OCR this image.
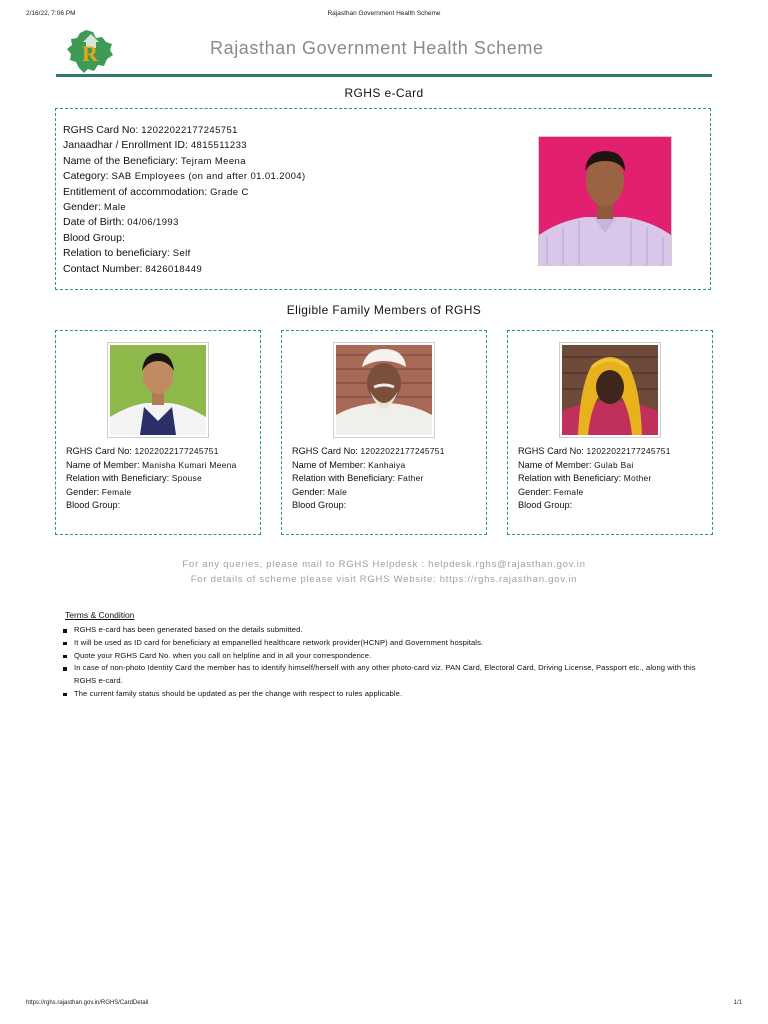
2/16/22, 7:06 PM	Rajasthan Government Health Scheme
R	Rajasthan Government Health Scheme
RGHS e-Card
RGHS Card No: 12022022177245751
Janaadhar / Enrollment ID: 4815511233
Name of the Beneficiary: Tejram Meena
Category: SAB Employees (on and after 01.01.2004)
Entitlement of accommodation: Grade C
Gender: Male
Date of Birth: 04/06/1993
Blood Group:
Relation to beneficiary: Self
Contact Number: 8426018449
Eligible Family Members of RGHS
RGHS Card No: 12022022177245751
Name of Member: Manisha Kumari Meena
Relation with Beneficiary: Spouse
Gender: Female
Blood Group:
RGHS Card No: 12022022177245751
Name of Member: Kanhaiya
Relation with Beneficiary: Father
Gender: Male
Blood Group:
RGHS Card No: 12022022177245751
Name of Member: Gulab Bai
Relation with Beneficiary: Mother
Gender: Female
Blood Group:
For any queries, please mail to RGHS Helpdesk : helpdesk.rghs@rajasthan.gov.in
For details of scheme please visit RGHS Website: https://rghs.rajasthan.gov.in
Terms & Condition
RGHS e-card has been generated based on the details submitted.
It will be used as ID card for beneficiary at empanelled healthcare network provider(HCNP) and Government hospitals.
Quote your RGHS Card No. when you call on helpline and in all your correspondence.
In case of non-photo Identity Card the member has to identify himself/herself with any other photo-card viz. PAN Card, Electoral Card, Driving License, Passport etc., along with this RGHS e-card.
The current family status should be updated as per the change with respect to rules applicable.
https://rghs.rajasthan.gov.in/RGHS/CardDetail	1/1
